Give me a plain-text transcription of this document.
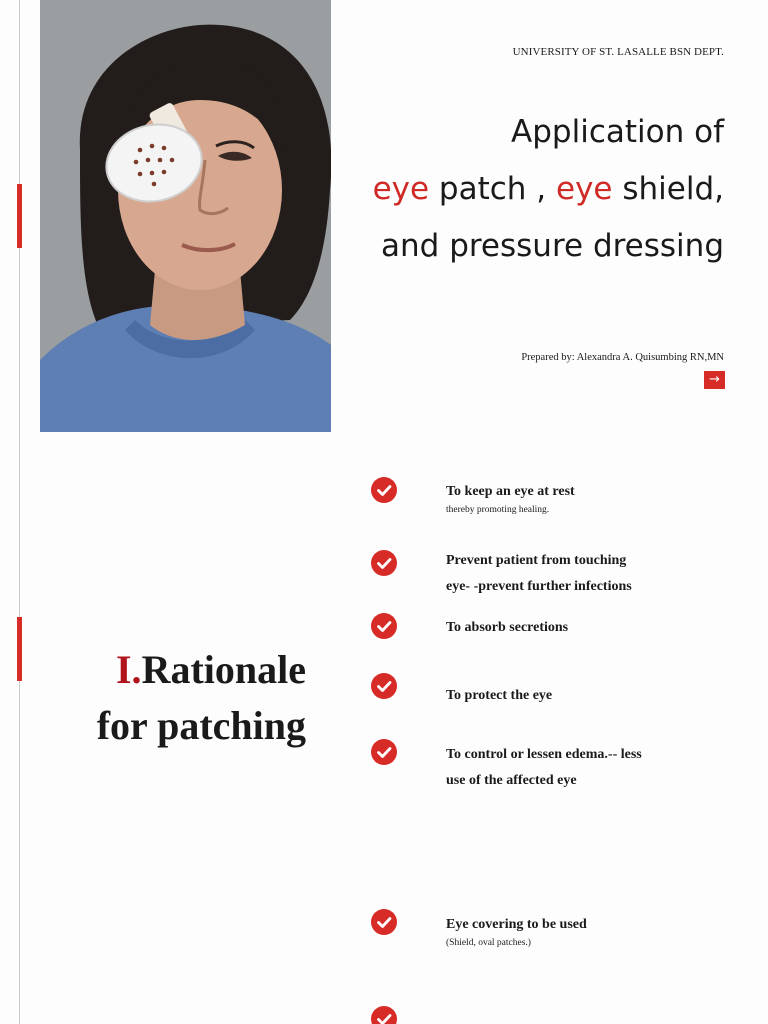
UNIVERSITY OF ST. LASALLE BSN DEPT.
Application of
eye patch , eye shield,
and pressure dressing
Prepared by: Alexandra A. Quisumbing RN,MN
→
I.Rationale
for patching
To keep an eye at rest
thereby promoting healing.
Prevent patient from touching
eye- -prevent further infections
To absorb secretions
To protect the eye
To control or lessen edema.-- less
use of the affected eye
Eye covering to be used
(Shield, oval patches.)
